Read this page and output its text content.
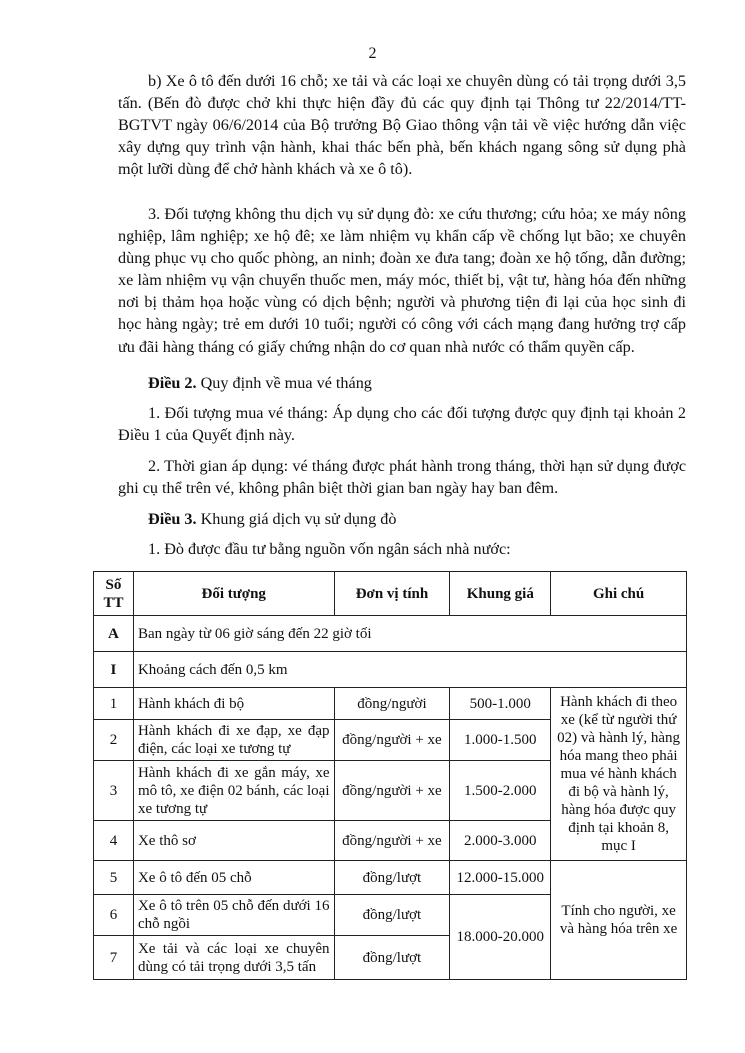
2
b) Xe ô tô đến dưới 16 chỗ; xe tải và các loại xe chuyên dùng có tải trọng dưới 3,5 tấn. (Bến đò được chở khi thực hiện đầy đủ các quy định tại Thông tư 22/2014/TT-BGTVT ngày 06/6/2014 của Bộ trưởng Bộ Giao thông vận tải về việc hướng dẫn việc xây dựng quy trình vận hành, khai thác bến phà, bến khách ngang sông sử dụng phà một lưỡi dùng để chở hành khách và xe ô tô).
3. Đối tượng không thu dịch vụ sử dụng đò: xe cứu thương; cứu hỏa; xe máy nông nghiệp, lâm nghiệp; xe hộ đê; xe làm nhiệm vụ khẩn cấp về chống lụt bão; xe chuyên dùng phục vụ cho quốc phòng, an ninh; đoàn xe đưa tang; đoàn xe hộ tống, dẫn đường; xe làm nhiệm vụ vận chuyển thuốc men, máy móc, thiết bị, vật tư, hàng hóa đến những nơi bị thảm họa hoặc vùng có dịch bệnh; người và phương tiện đi lại của học sinh đi học hàng ngày; trẻ em dưới 10 tuổi; người có công với cách mạng đang hưởng trợ cấp ưu đãi hàng tháng có giấy chứng nhận do cơ quan nhà nước có thẩm quyền cấp.
Điều 2. Quy định về mua vé tháng
1. Đối tượng mua vé tháng: Áp dụng cho các đối tượng được quy định tại khoản 2 Điều 1 của Quyết định này.
2. Thời gian áp dụng: vé tháng được phát hành trong tháng, thời hạn sử dụng được ghi cụ thể trên vé, không phân biệt thời gian ban ngày hay ban đêm.
Điều 3. Khung giá dịch vụ sử dụng đò
1. Đò được đầu tư bằng nguồn vốn ngân sách nhà nước:
Số TT	Đối tượng	Đơn vị tính	Khung giá	Ghi chú
A	Ban ngày từ 06 giờ sáng đến 22 giờ tối			
I	Khoảng cách đến 0,5 km			
1	Hành khách đi bộ	đồng/người	500-1.000	Hành khách đi theo xe (kể từ người thứ 02) và hành lý, hàng hóa mang theo phải mua vé hành khách đi bộ và hành lý, hàng hóa được quy định tại khoản 8, mục I
2	Hành khách đi xe đạp, xe đạp điện, các loại xe tương tự	đồng/người + xe	1.000-1.500	
3	Hành khách đi xe gắn máy, xe mô tô, xe điện 02 bánh, các loại xe tương tự	đồng/người + xe	1.500-2.000	
4	Xe thô sơ	đồng/người + xe	2.000-3.000	
5	Xe ô tô đến 05 chỗ	đồng/lượt	12.000-15.000	Tính cho người, xe và hàng hóa trên xe
6	Xe ô tô trên 05 chỗ đến dưới 16 chỗ ngồi	đồng/lượt	18.000-20.000	
7	Xe tải và các loại xe chuyên dùng có tải trọng dưới 3,5 tấn	đồng/lượt		
